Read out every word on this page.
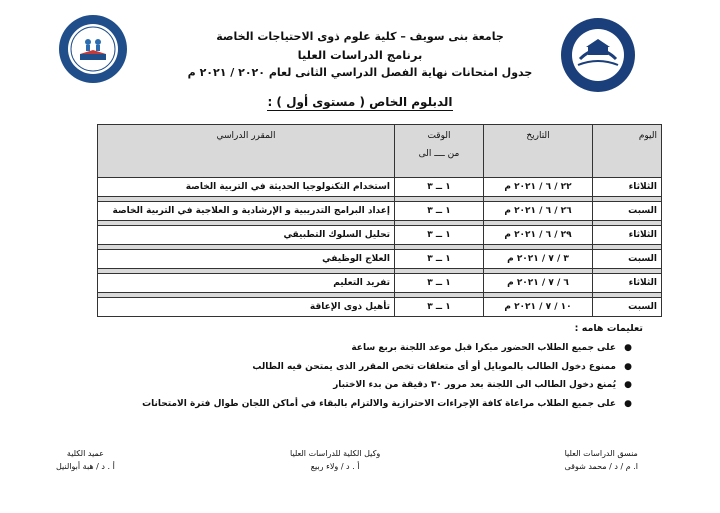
جامعة بنى سويف – كلية علوم ذوى الاحتياجات الخاصة
برنامج الدراسات العليا
جدول امتحانات نهاية الفصل الدراسي الثانى لعام ٢٠٢٠ / ٢٠٢١ م
الدبلوم الخاص ( مستوى أول ) :
اليوم	التاريخ	الوقت
من ــــ الى	المقرر الدراسي
الثلاثاء	٢٢ / ٦ / ٢٠٢١ م	١ ــ ٣	استخدام التكنولوجيا الحديثة في التربية الخاصة

السبت	٢٦ / ٦ / ٢٠٢١ م	١ ــ ٣	إعداد البرامج التدريبية و الإرشادية و العلاجية في التربية الخاصة

الثلاثاء	٢٩ / ٦ / ٢٠٢١ م	١ ــ ٣	تحليل السلوك التطبيقي

السبت	٣ / ٧ / ٢٠٢١ م	١ ــ ٣	العلاج الوظيفي

الثلاثاء	٦ / ٧ / ٢٠٢١ م	١ ــ ٣	تفريد التعليم

السبت	١٠ / ٧ / ٢٠٢١ م	١ ــ ٣	تأهيل ذوى الإعاقة
تعليمات هامه :
●
على جميع الطلاب الحضور مبكرا قبل موعد اللجنة بربع ساعة
●
ممنوع دخول الطالب بالموبايل أو أى متعلقات تخص المقرر الذى يمتحن فيه الطالب
●
يُمنع دخول الطالب الى اللجنة بعد مرور ٣٠ دقيقة من بدء الاختبار
●
على جميع الطلاب مراعاة كافة الإجراءات الاحترازية والالتزام بالبقاء في أماكن اللجان طوال فترة الامتحانات
منسق الدراسات العليا
ا. م / د / محمد شوقى
وكيل الكلية للدراسات العليا
أ . د / ولاء ربيع
عميد الكلية
أ . د / هبة أبوالنيل
